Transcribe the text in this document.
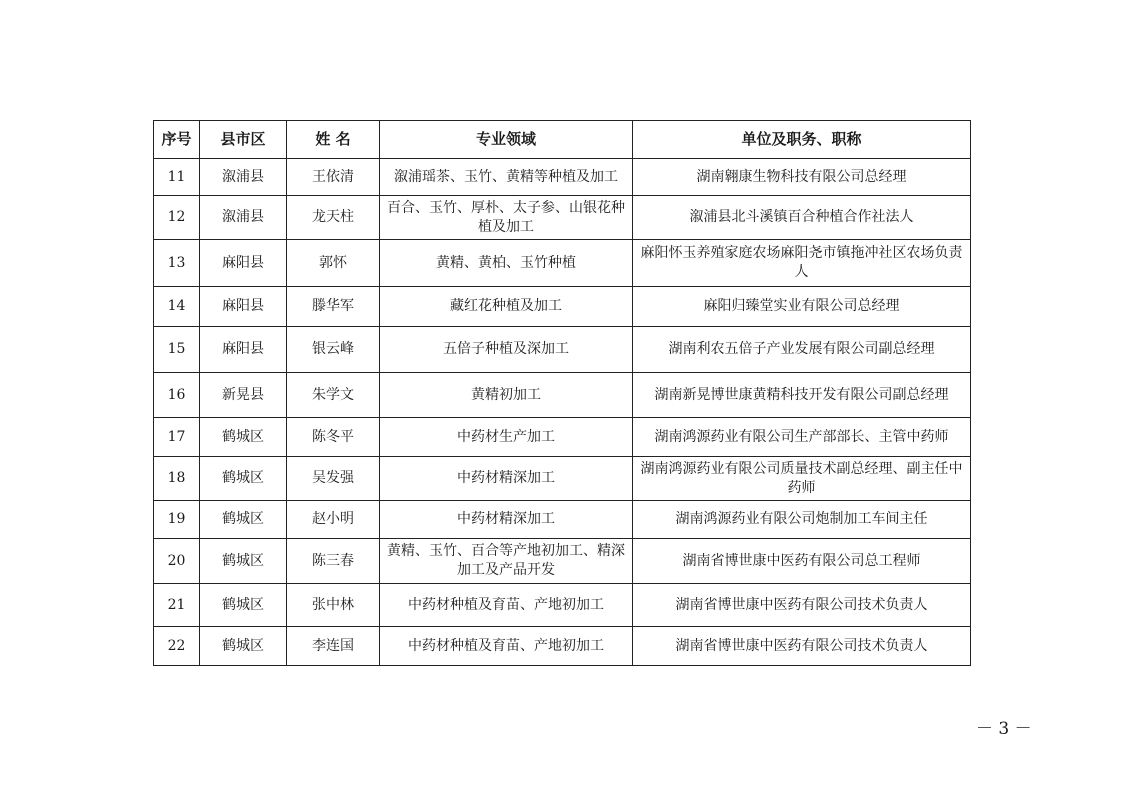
序号	县市区	姓 名	专业领域	单位及职务、职称
11	溆浦县	王依清	溆浦瑶茶、玉竹、黄精等种植及加工	湖南翱康生物科技有限公司总经理
12	溆浦县	龙天柱	百合、玉竹、厚朴、太子参、山银花种植及加工	溆浦县北斗溪镇百合种植合作社法人
13	麻阳县	郭怀	黄精、黄柏、玉竹种植	麻阳怀玉养殖家庭农场麻阳尧市镇拖冲社区农场负责人
14	麻阳县	滕华军	藏红花种植及加工	麻阳归臻堂实业有限公司总经理
15	麻阳县	银云峰	五倍子种植及深加工	湖南利农五倍子产业发展有限公司副总经理
16	新晃县	朱学文	黄精初加工	湖南新晃博世康黄精科技开发有限公司副总经理
17	鹤城区	陈冬平	中药材生产加工	湖南鸿源药业有限公司生产部部长、主管中药师
18	鹤城区	吴发强	中药材精深加工	湖南鸿源药业有限公司质量技术副总经理、副主任中药师
19	鹤城区	赵小明	中药材精深加工	湖南鸿源药业有限公司炮制加工车间主任
20	鹤城区	陈三春	黄精、玉竹、百合等产地初加工、精深加工及产品开发	湖南省博世康中医药有限公司总工程师
21	鹤城区	张中林	中药材种植及育苗、产地初加工	湖南省博世康中医药有限公司技术负责人
22	鹤城区	李连国	中药材种植及育苗、产地初加工	湖南省博世康中医药有限公司技术负责人
－ 3 －
